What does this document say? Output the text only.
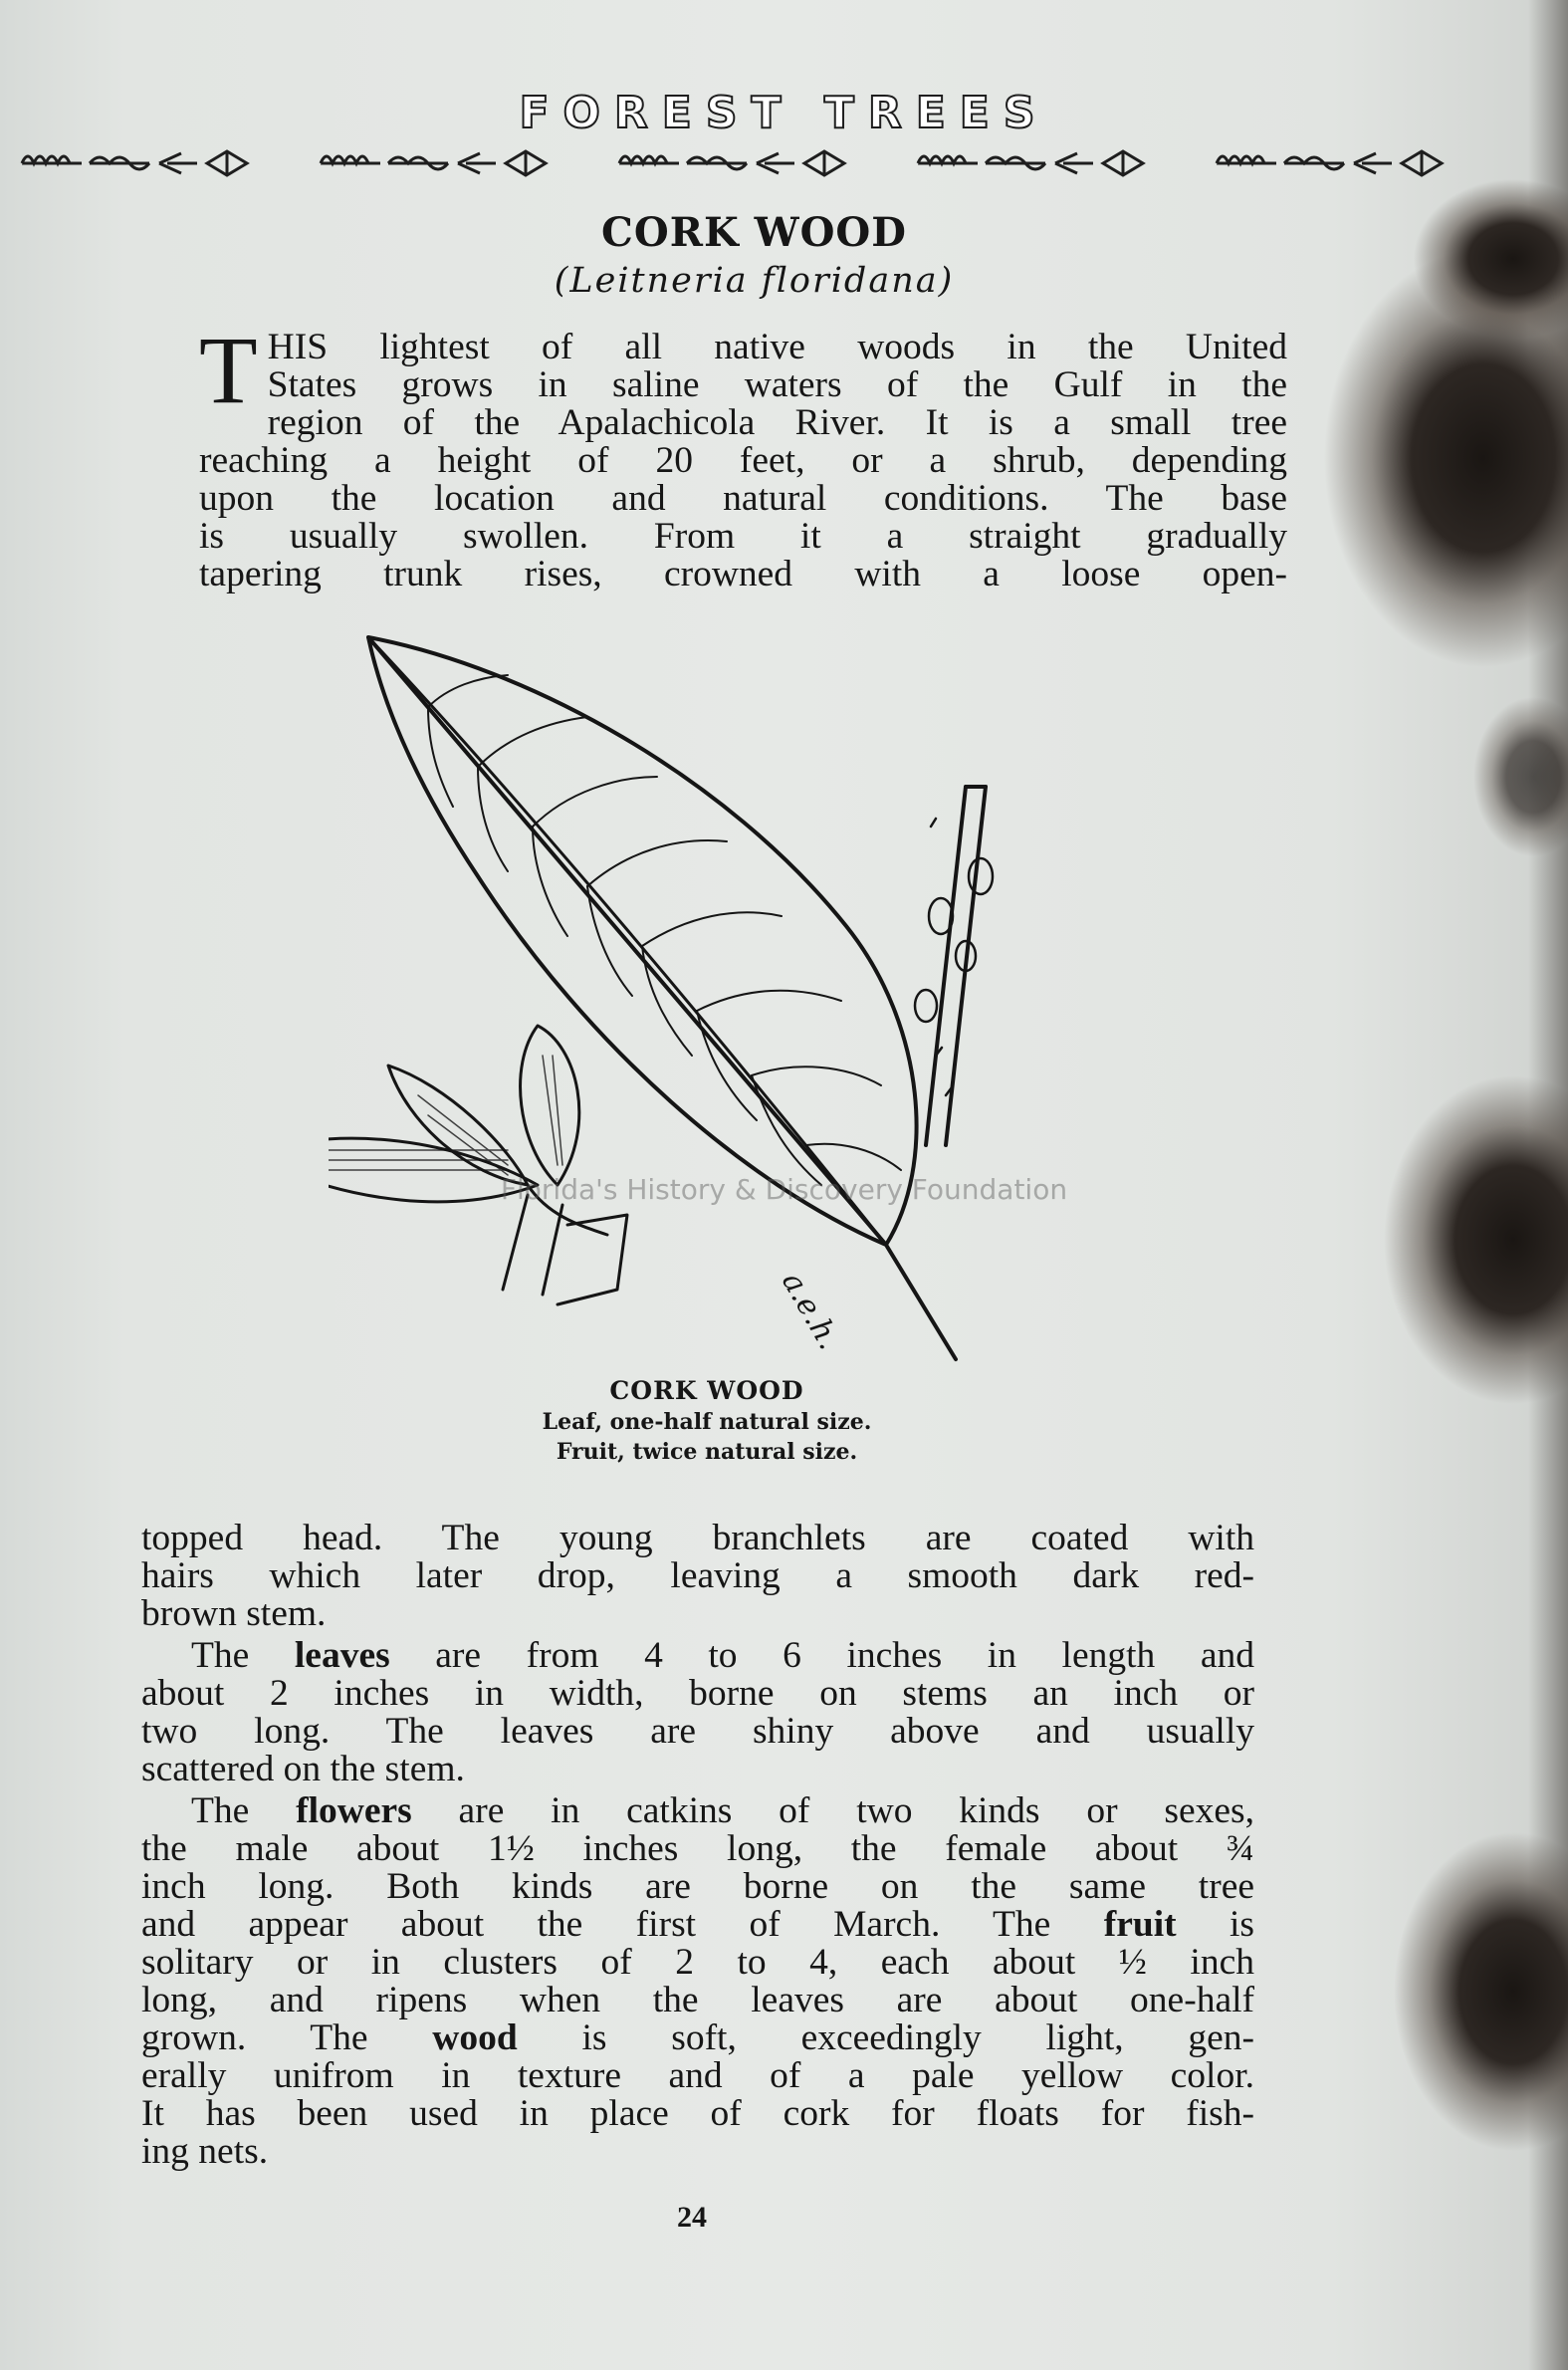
FOREST TREES
CORK WOOD
(Leitneria floridana)
T HIS lightest of all native woods in the United
States grows in saline waters of the Gulf in the
region of the Apalachicola River. It is a small tree
reaching a height of 20 feet, or a shrub, depending
upon the location and natural conditions. The base
is usually swollen. From it a straight gradually
tapering trunk rises, crowned with a loose open-
a.e.h.
Florida's History & Discovery Foundation
CORK WOOD
Leaf, one-half natural size.
Fruit, twice natural size.

topped head. The young branchlets are coated with
hairs which later drop, leaving a smooth dark red-
brown stem.

The leaves are from 4 to 6 inches in length and
about 2 inches in width, borne on stems an inch or
two long. The leaves are shiny above and usually
scattered on the stem.

The flowers are in catkins of two kinds or sexes,
the male about 1½ inches long, the female about ¾
inch long. Both kinds are borne on the same tree
and appear about the first of March. The fruit is
solitary or in clusters of 2 to 4, each about ½ inch
long, and ripens when the leaves are about one-half
grown. The wood is soft, exceedingly light, gen-
erally unifrom in texture and of a pale yellow color.
It has been used in place of cork for floats for fish-
ing nets.

24
